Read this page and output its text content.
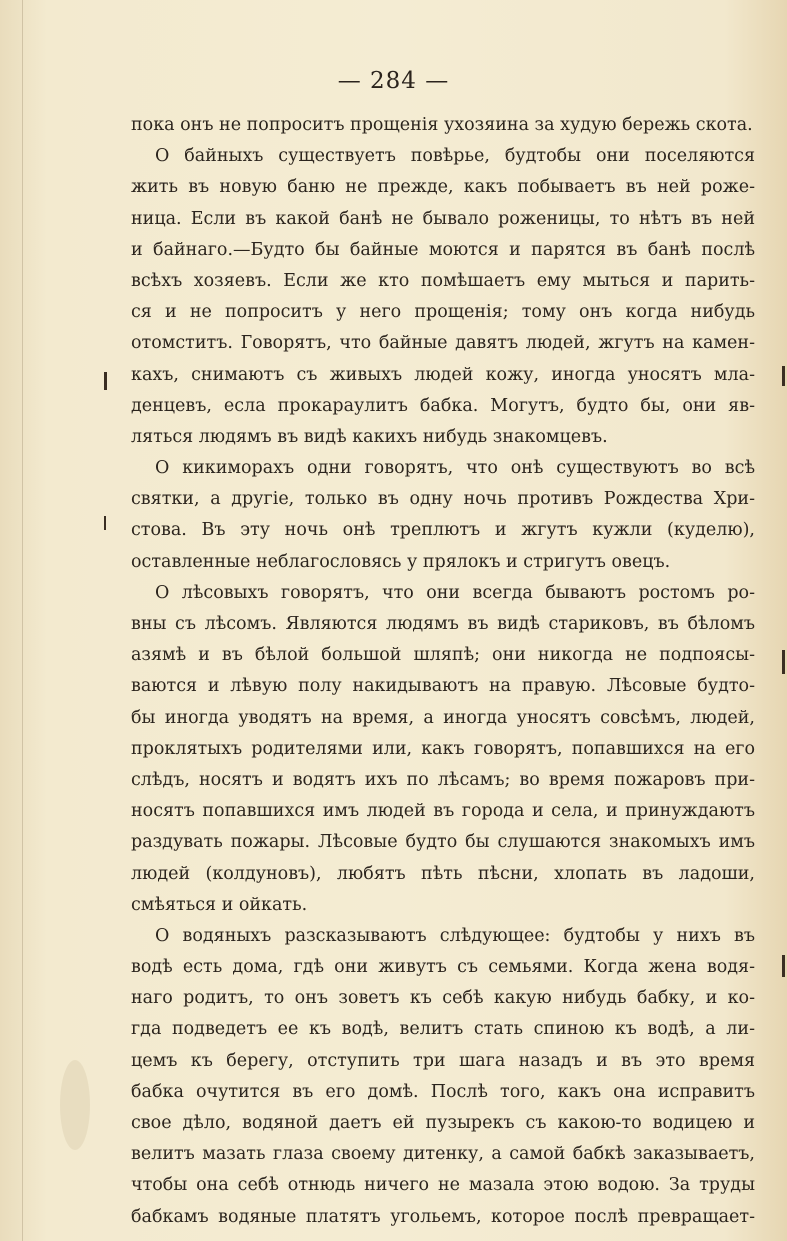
— 284 —
пока онъ не попроситъ прощенія ухозяина за худую бережь скота.
О байныхъ существуетъ повѣрье, будтобы они поселяются
жить въ новую баню не прежде, какъ побываетъ въ ней роже-
ница. Если въ какой банѣ не бывало роженицы, то нѣтъ въ ней
и байнаго.—Будто бы байные моются и парятся въ банѣ послѣ
всѣхъ хозяевъ. Если же кто помѣшаетъ ему мыться и парить-
ся и не попроситъ у него прощенія; тому онъ когда нибудь
отомститъ. Говорятъ, что байные давятъ людей, жгутъ на камен-
кахъ, снимаютъ съ живыхъ людей кожу, иногда уносятъ мла-
денцевъ, есла прокараулитъ бабка. Могутъ, будто бы, они яв-
ляться людямъ въ видѣ какихъ нибудь знакомцевъ.
О кикиморахъ одни говорятъ, что онѣ существуютъ во всѣ
святки, а другіе, только въ одну ночь противъ Рождества Хри-
стова. Въ эту ночь онѣ треплютъ и жгутъ кужли (куделю),
оставленные неблагословясь у прялокъ и стригутъ овецъ.
О лѣсовыхъ говорятъ, что они всегда бываютъ ростомъ ро-
вны съ лѣсомъ. Являются людямъ въ видѣ стариковъ, въ бѣломъ
азямѣ и въ бѣлой большой шляпѣ; они никогда не подпоясы-
ваются и лѣвую полу накидываютъ на правую. Лѣсовые будто-
бы иногда уводятъ на время, а иногда уносятъ совсѣмъ, людей,
проклятыхъ родителями или, какъ говорятъ, попавшихся на его
слѣдъ, носятъ и водятъ ихъ по лѣсамъ; во время пожаровъ при-
носятъ попавшихся имъ людей въ города и села, и принуждаютъ
раздувать пожары. Лѣсовые будто бы слушаются знакомыхъ имъ
людей (колдуновъ), любятъ пѣть пѣсни, хлопать въ ладоши,
смѣяться и ойкать.
О водяныхъ разсказываютъ слѣдующее: будтобы у нихъ въ
водѣ есть дома, гдѣ они живутъ съ семьями. Когда жена водя-
наго родитъ, то онъ зоветъ къ себѣ какую нибудь бабку, и ко-
гда подведетъ ее къ водѣ, велитъ стать спиною къ водѣ, а ли-
цемъ къ берегу, отступить три шага назадъ и въ это время
бабка очутится въ его домѣ. Послѣ того, какъ она исправитъ
свое дѣло, водяной даетъ ей пузырекъ съ какою-то водицею и
велитъ мазать глаза своему дитенку, а самой бабкѣ заказываетъ,
чтобы она себѣ отнюдь ничего не мазала этою водою. За труды
бабкамъ водяные платятъ угольемъ, которое послѣ превращает-
